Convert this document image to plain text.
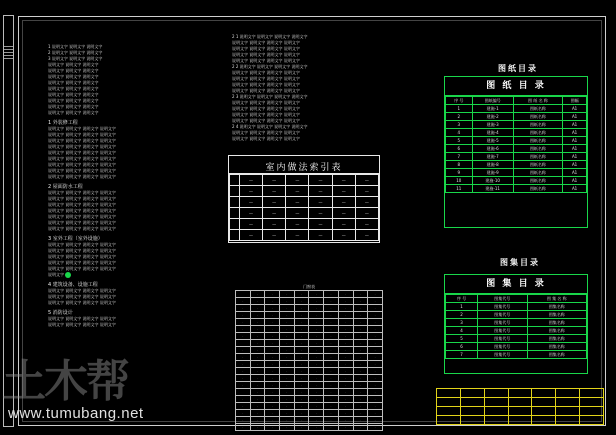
1 说明文字 说明文字 说明文字
2 说明文字 说明文字 说明文字
3 说明文字 说明文字 说明文字
说明文字 说明文字 说明文字
说明文字 说明文字 说明文字
说明文字 说明文字 说明文字
说明文字 说明文字 说明文字
说明文字 说明文字 说明文字
说明文字 说明文字 说明文字
说明文字 说明文字 说明文字
说明文字 说明文字 说明文字
说明文字 说明文字 说明文字
1 外装修工程
说明文字 说明文字 说明文字 说明文字
说明文字 说明文字 说明文字 说明文字
说明文字 说明文字 说明文字 说明文字
说明文字 说明文字 说明文字 说明文字
说明文字 说明文字 说明文字 说明文字
说明文字 说明文字 说明文字 说明文字
说明文字 说明文字 说明文字 说明文字
说明文字 说明文字 说明文字 说明文字
说明文字 说明文字 说明文字 说明文字
2 屋面防水工程
说明文字 说明文字 说明文字 说明文字
说明文字 说明文字 说明文字 说明文字
说明文字 说明文字 说明文字 说明文字
说明文字 说明文字 说明文字 说明文字
说明文字 说明文字 说明文字 说明文字
说明文字 说明文字 说明文字 说明文字
说明文字 说明文字 说明文字 说明文字
3 室外工程（室外设施）
说明文字 说明文字 说明文字 说明文字
说明文字 说明文字 说明文字 说明文字
说明文字 说明文字 说明文字 说明文字
说明文字 说明文字 说明文字 说明文字
说明文字 说明文字 说明文字 说明文字
说明文字
4 建筑设备、设施工程
说明文字 说明文字 说明文字 说明文字
说明文字 说明文字 说明文字 说明文字
说明文字 说明文字 说明文字 说明文字
5 消防设计
说明文字 说明文字 说明文字 说明文字
说明文字 说明文字 说明文字 说明文字
2 1 说明文字 说明文字 说明文字 说明文字
说明文字 说明文字 说明文字 说明文字
说明文字 说明文字 说明文字 说明文字
说明文字 说明文字 说明文字 说明文字
说明文字 说明文字 说明文字 说明文字
2 2 说明文字 说明文字 说明文字 说明文字
说明文字 说明文字 说明文字 说明文字
说明文字 说明文字 说明文字 说明文字
说明文字 说明文字 说明文字 说明文字
说明文字 说明文字 说明文字 说明文字
2 3 说明文字 说明文字 说明文字 说明文字
说明文字 说明文字 说明文字 说明文字
说明文字 说明文字 说明文字 说明文字
说明文字 说明文字 说明文字 说明文字
说明文字 说明文字 说明文字 说明文字
2 4 说明文字 说明文字 说明文字 说明文字
说明文字 说明文字 说明文字 说明文字
说明文字 说明文字 说明文字 说明文字
室内做法索引表
	—	—	—	—	—	—
	—	—	—	—	—	—
	—	—	—	—	—	—
	—	—	—	—	—	—
	—	—	—	—	—	—
	—	—	—	—	—	—
门窗表
	·	·	·	·	·	·	·	·	·
·	·	·	·	·	·	·	·	·	·
·	·	·	·	·	·	·	·	·	·
·	·	·	·	·	·	·	·	·	·
·	·	·	·	·	·	·	·	·	·
·	·	·	·	·	·	·	·	·	·
·	·	·	·	·	·	·	·	·	·
	·	·	·	·	·	·	·	·	·
·	·	·	·	·	·	·	·	·	·
·	·	·	·	·	·	·	·	·	·
·	·	·	·	·	·	·	·	·	·
·	·	·	·	·	·	·	·	·	·
·	·	·	·	·	·	·	·	·	·
·	·	·	·	·	·	·	·	·	·
	·	·	·	·	·	·	·	·	·
·	·	·	·	·	·	·	·	·	·
·	·	·	·	·	·	·	·	·	·
·	·	·	·	·	·	·	·	·	·
·	·	·	·	·	·	·	·	·	·
·	·	·	·	·	·	·	·	·	·
图 纸 目 录
序 号	图纸编号	图 纸 名 称	图幅
1	建施-1	图纸名称	A1
2	建施-2	图纸名称	A1
3	建施-3	图纸名称	A1
4	建施-4	图纸名称	A1
5	建施-5	图纸名称	A1
6	建施-6	图纸名称	A1
7	建施-7	图纸名称	A1
8	建施-8	图纸名称	A1
9	建施-9	图纸名称	A1
10	建施-10	图纸名称	A1
11	建施-11	图纸名称	A1
图纸目录
图集目录
图 集 目 录
序 号	图集代号	图 集 名 称
1	图集代号	图集名称
2	图集代号	图集名称
3	图集代号	图集名称
4	图集代号	图集名称
5	图集代号	图集名称
6	图集代号	图集名称
7	图集代号	图集名称

土木帮
www.tumubang.net
